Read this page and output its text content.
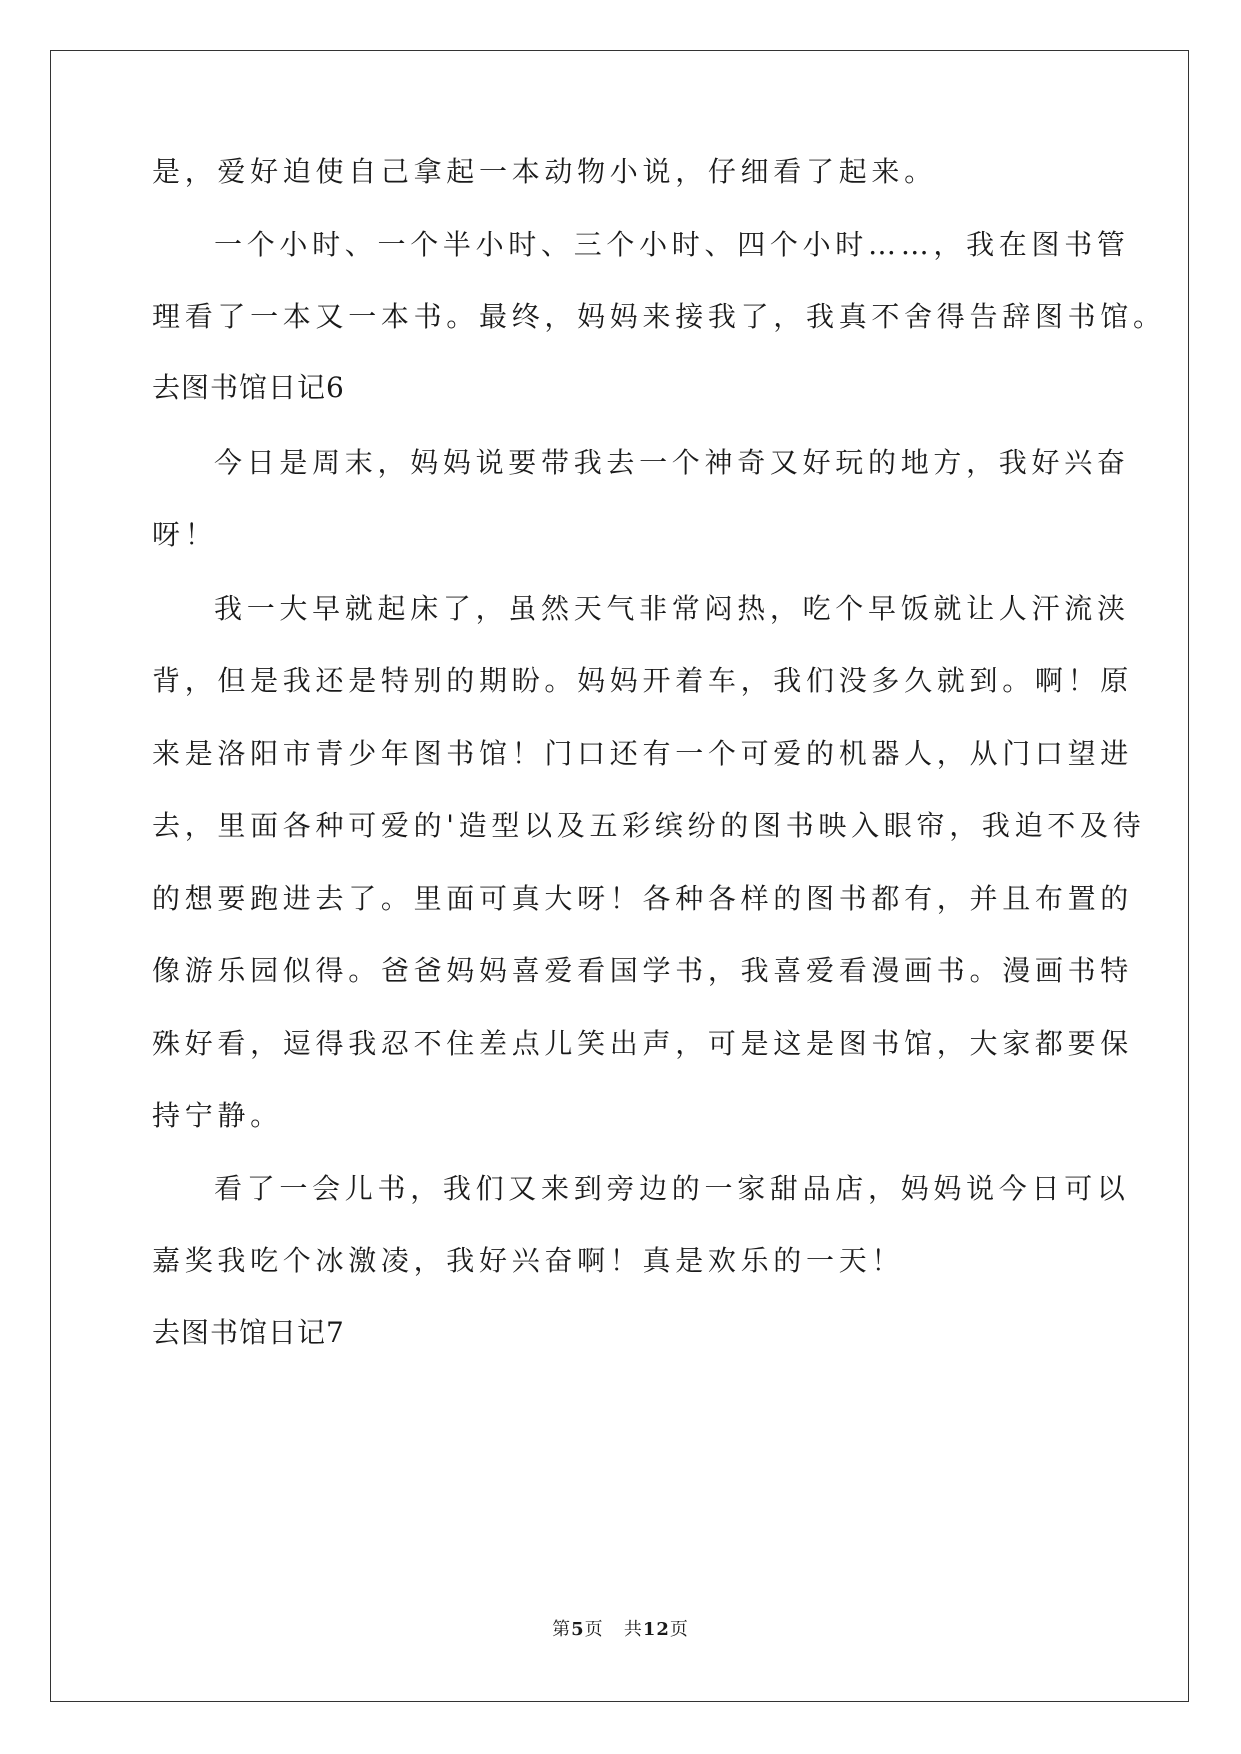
是，爱好迫使自己拿起一本动物小说，仔细看了起来。
一个小时、一个半小时、三个小时、四个小时……，我在图书管
理看了一本又一本书。最终，妈妈来接我了，我真不舍得告辞图书馆。
去图书馆日记6
今日是周末，妈妈说要带我去一个神奇又好玩的地方，我好兴奋
呀！
我一大早就起床了，虽然天气非常闷热，吃个早饭就让人汗流浃
背，但是我还是特别的期盼。妈妈开着车，我们没多久就到。啊！原
来是洛阳市青少年图书馆！门口还有一个可爱的机器人，从门口望进
去，里面各种可爱的'造型以及五彩缤纷的图书映入眼帘，我迫不及待
的想要跑进去了。里面可真大呀！各种各样的图书都有，并且布置的
像游乐园似得。爸爸妈妈喜爱看国学书，我喜爱看漫画书。漫画书特
殊好看，逗得我忍不住差点儿笑出声，可是这是图书馆，大家都要保
持宁静。
看了一会儿书，我们又来到旁边的一家甜品店，妈妈说今日可以
嘉奖我吃个冰激凌，我好兴奋啊！真是欢乐的一天！
去图书馆日记7
第5页 共12页
